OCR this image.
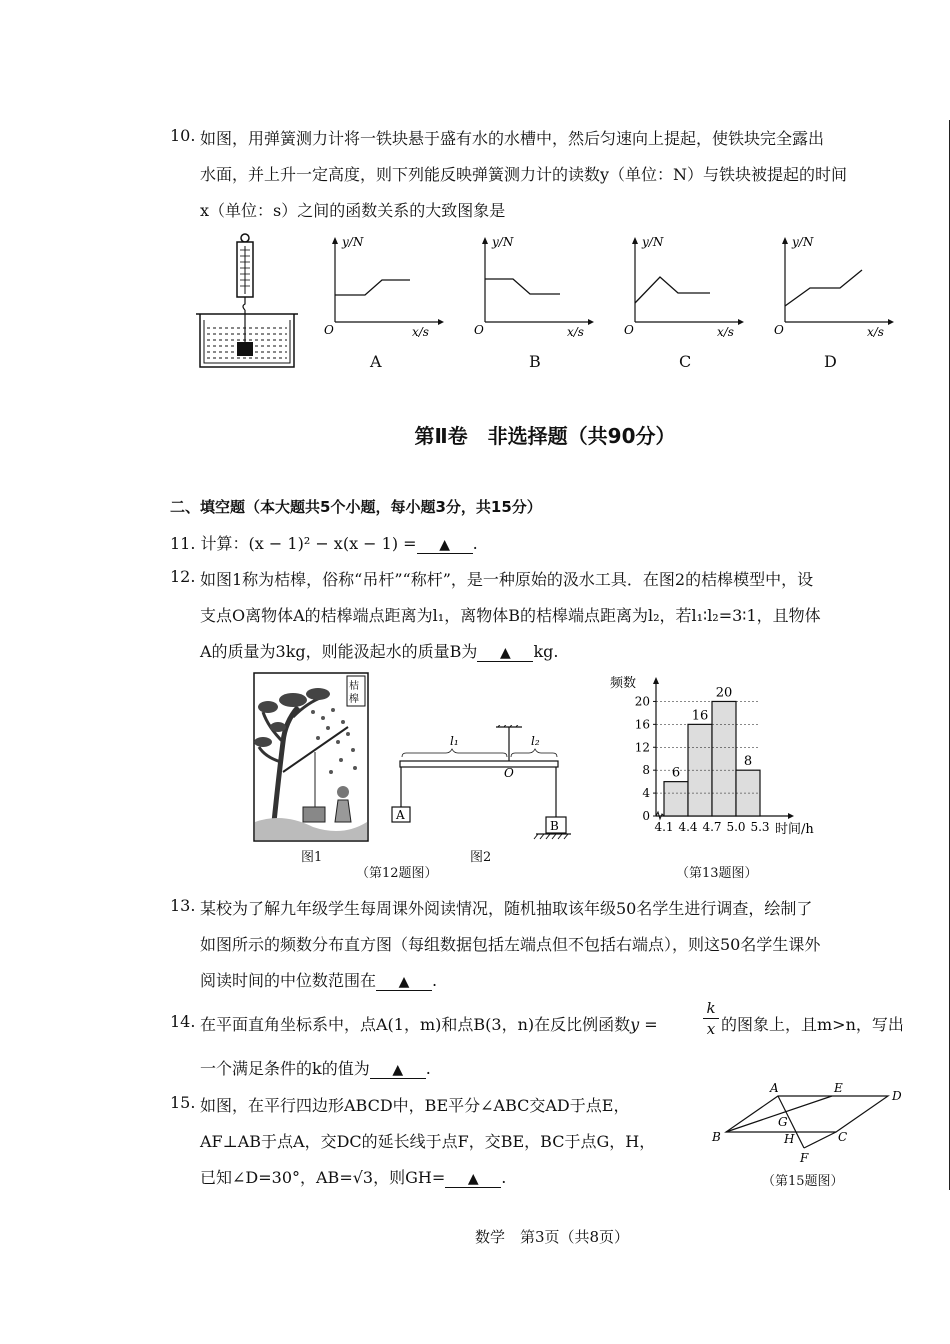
10. 如图，用弹簧测力计将一铁块悬于盛有水的水槽中，然后匀速向上提起，使铁块完全露出
水面，并上升一定高度，则下列能反映弹簧测力计的读数y（单位：N）与铁块被提起的时间
x（单位：s）之间的函数关系的大致图象是
y/N
x/s
O
A
y/N
x/s
O
B
y/N
x/s
O
C
y/N
x/s
O
D
第Ⅱ卷　非选择题（共90分）
二、填空题（本大题共5个小题，每小题3分，共15分）
11. 计算：(x − 1)² − x(x − 1) = ▲ .
12. 如图1称为桔槔，俗称“吊杆”“称杆”，是一种原始的汲水工具．在图2的桔槔模型中，设
支点O离物体A的桔槔端点距离为l₁，离物体B的桔槔端点距离为l₂，若l₁∶l₂=3∶1，且物体
A的质量为3kg，则能汲起水的质量B为 ▲ kg.
桔
槔
图1
l₁	l₂
O
A
B
图2
（第12题图）
频数
时间/h
6
16
20
8
0
4
8
12
16
20
4.1 4.4 4.7 5.0 5.3
（第13题图）
13. 某校为了解九年级学生每周课外阅读情况，随机抽取该年级50名学生进行调查，绘制了
如图所示的频数分布直方图（每组数据包括左端点但不包括右端点），则这50名学生课外
阅读时间的中位数范围在 ▲ .
14. 在平面直角坐标系中，点A(1，m)和点B(3，n)在反比例函数y =
k
x 的图象上，且m>n，写出
一个满足条件的k的值为 ▲ .
15. 如图，在平行四边形ABCD中，BE平分∠ABC交AD于点E，
AF⊥AB于点A，交DC的延长线于点F，交BE，BC于点G，H，
已知∠D=30°，AB=√3，则GH= ▲ .
A	E
D
B
G
H	C
F
（第15题图）
数学　第3页（共8页）
